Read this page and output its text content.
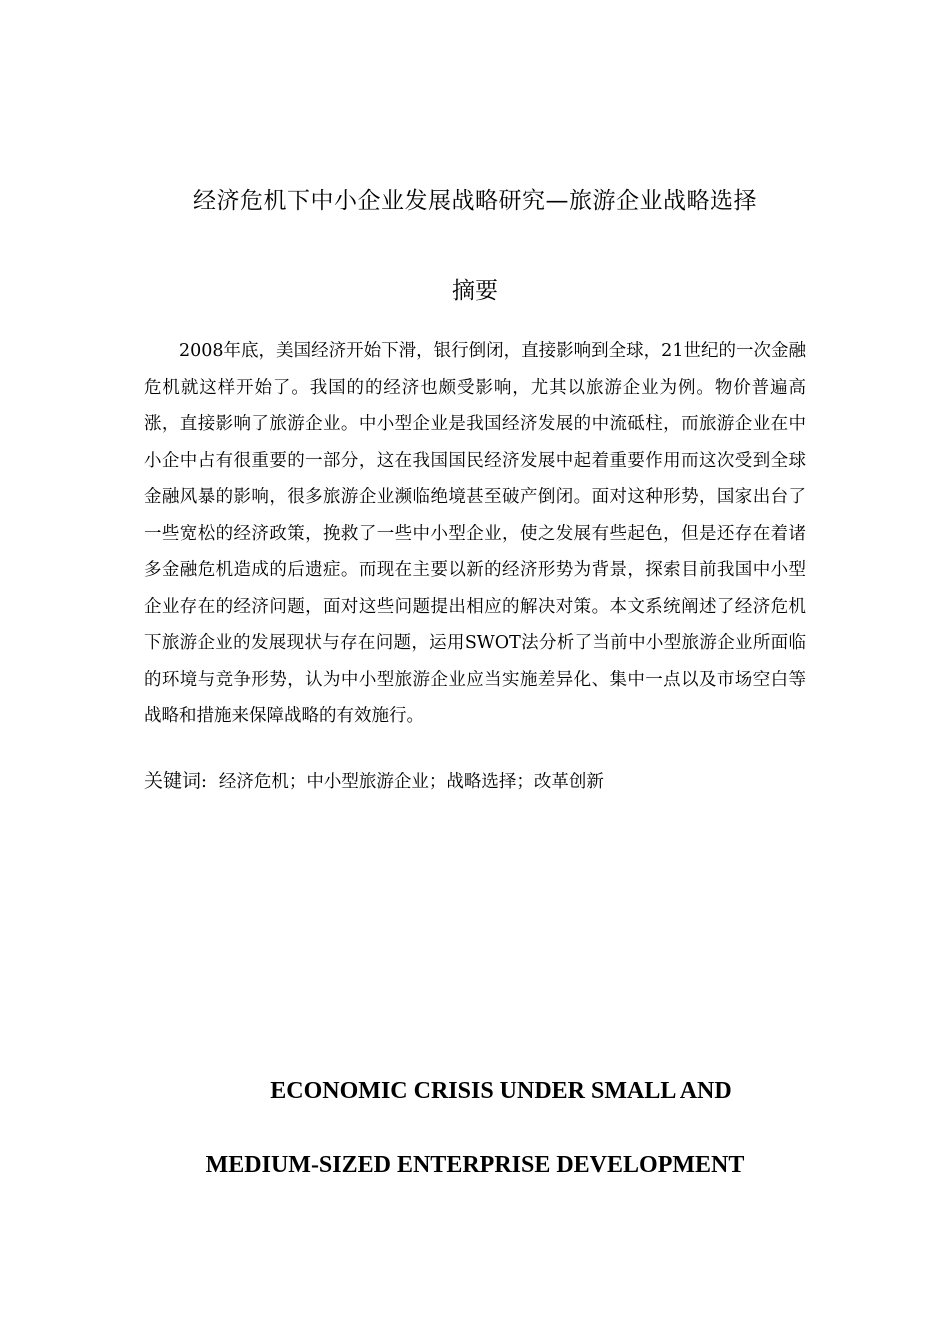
经济危机下中小企业发展战略研究—旅游企业战略选择
摘要

2008年底，美国经济开始下滑，银行倒闭，直接影响到全球，21世纪的一次金融危机就这样开始了。我国的的经济也颇受影响，尤其以旅游企业为例。物价普遍高涨，直接影响了旅游企业。中小型企业是我国经济发展的中流砥柱，而旅游企业在中小企中占有很重要的一部分，这在我国国民经济发展中起着重要作用而这次受到全球金融风暴的影响，很多旅游企业濒临绝境甚至破产倒闭。面对这种形势，国家出台了一些宽松的经济政策，挽救了一些中小型企业，使之发展有些起色，但是还存在着诸多金融危机造成的后遗症。而现在主要以新的经济形势为背景，探索目前我国中小型企业存在的经济问题，面对这些问题提出相应的解决对策。本文系统阐述了经济危机下旅游企业的发展现状与存在问题，运用SWOT法分析了当前中小型旅游企业所面临的环境与竞争形势，认为中小型旅游企业应当实施差异化、集中一点以及市场空白等战略和措施来保障战略的有效施行。

关键词: 经济危机；中小型旅游企业；战略选择；改革创新
ECONOMIC CRISIS UNDER SMALL AND
MEDIUM-SIZED ENTERPRISE DEVELOPMENT
